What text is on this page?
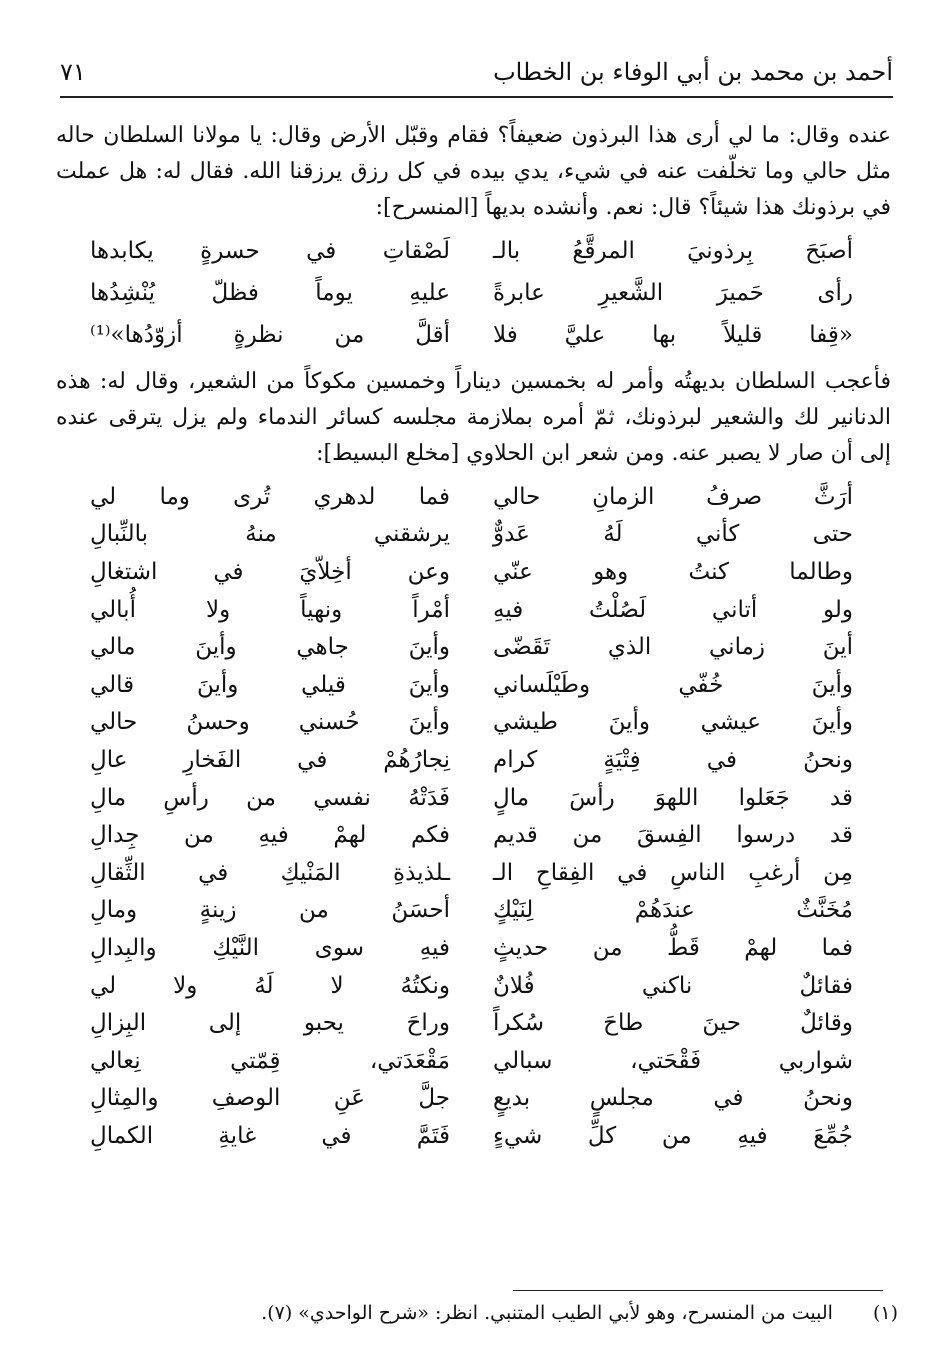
٧١	أحمد بن محمد بن أبي الوفاء بن الخطاب

عنده وقال: ما لي أرى هذا البرذون ضعيفاً؟ فقام وقبّل الأرض وقال: يا مولانا السلطان حاله مثل حالي وما تخلّفت عنه في شيء، يدي بيده في كل رزق يرزقنا الله. فقال له: هل عملت في برذونك هذا شيئاً؟ قال: نعم. وأنشده بديهاً [المنسرح]:

أصبَحَ بِرذونيَ المرقَّعُ بالـ
لَصْقاتِ في حسرةٍ يكابدها
رأى حَميرَ الشَّعيرِ عابرةً
عليهِ يوماً فظلّ يُنْشِدُها
«قِفا قليلاً بها عليَّ فلا
أقلَّ من نظرةٍ أزوّدُها»⁽¹⁾

فأعجب السلطان بديهتُه وأمر له بخمسين ديناراً وخمسين مكوكاً من الشعير، وقال له: هذه الدنانير لك والشعير لبرذونك، ثمّ أمره بملازمة مجلسه كسائر الندماء ولم يزل يترقى عنده إلى أن صار لا يصبر عنه. ومن شعر ابن الحلاوي [مخلع البسيط]:

أرَثَّ صرفُ الزمانِ حالي
فما لدهري تُرى وما لي
حتى كأني لَهُ عَدوٌّ
يرشقني منهُ بالنِّبالِ
وطالما كنتُ وهو عنّي
وعن أخِلاّيَ في اشتغالِ
ولو أتاني لَصُلْتُ فيهِ
أمْراً ونهياً ولا أُبالي
أينَ زماني الذي تَقَضّى
وأينَ جاهي وأينَ مالي
وأينَ خُفّي وطَيْلَساني
وأينَ قيلي وأينَ قالي
وأينَ عيشي وأينَ طيشي
وأينَ حُسني وحسنُ حالي
ونحنُ في فِتْيَةٍ كرام
نِجارُهُمْ في الفَخارِ عالِ
قد جَعَلوا اللهوَ رأسَ مالٍ
فَدَتْهُ نفسي من رأسِ مالِ
قد درسوا الفِسقَ من قديم
فكم لهمْ فيهِ من جِدالِ
مِن أرغبِ الناسِ في الفِقاحِ الـ
ـلذيذةِ المَنْيكِ في الثِّقالِ
مُخَنَّثٌ عندَهُمْ لِنَيْكٍ
أحسَنُ من زينةٍ ومالِ
فما لهمْ قَطُّ من حديثٍ
فيهِ سوى النَّيْكِ والبِدالِ
فقائلٌ ناكني فُلانٌ
ونكتُهُ لا لَهُ ولا لي
وقائلٌ حينَ طاحَ سُكراً
وراحَ يحبو إلى البِزالِ
شواربي فَقْحَتي، سبالي
مَقْعَدَتي، قِمّتي نِعالي
ونحنُ في مجلسٍ بديعٍ
جلَّ عَنِ الوصفِ والمِثالِ
جُمِّعَ فيهِ من كلِّ شيءٍ
فَتَمَّ في غايةِ الكمالِ
(١)
البيت من المنسرح، وهو لأبي الطيب المتنبي. انظر: «شرح الواحدي» (٧).
